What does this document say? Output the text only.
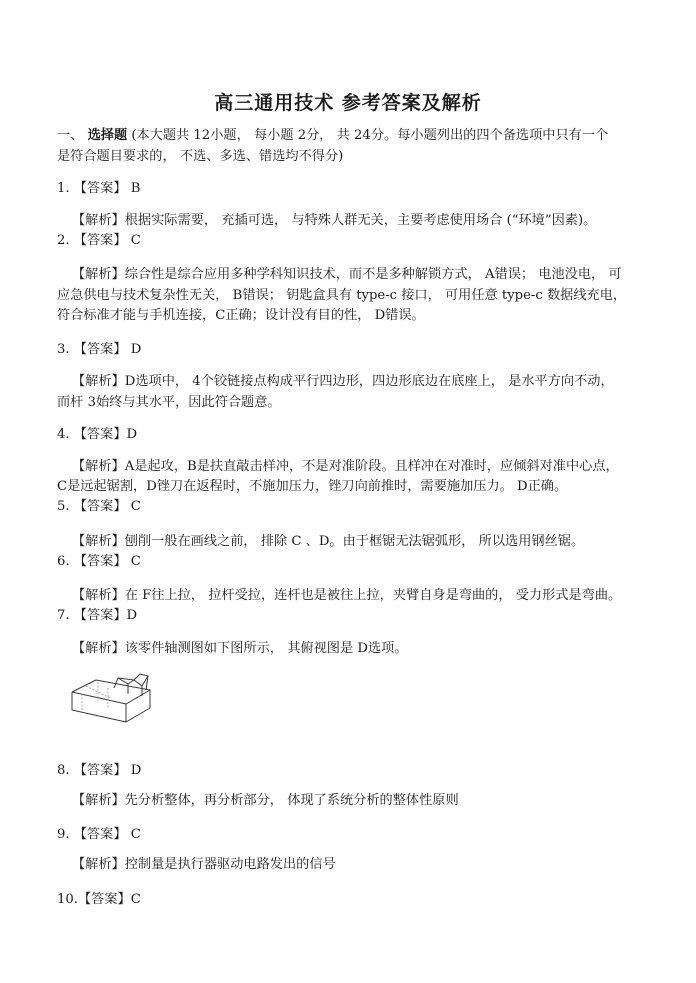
高三通用技术 参考答案及解析
一、 选择题 (本大题共 12小题， 每小题 2分， 共 24分。每小题列出的四个备选项中只有一个
是符合题目要求的， 不选、多选、错选均不得分)
1. 【答案】 B
【解析】根据实际需要， 充插可选， 与特殊人群无关，主要考虑使用场合 (“环境”因素)。
2. 【答案】 C
【解析】综合性是综合应用多种学科知识技术，而不是多种解锁方式， A错误； 电池没电， 可
应急供电与技术复杂性无关， B错误； 钥匙盒具有 type-c 接口， 可用任意 type-c 数据线充电，
符合标准才能与手机连接，C正确；设计没有目的性， D错误。
3. 【答案】 D
【解析】D选项中， 4个铰链接点构成平行四边形，四边形底边在底座上， 是水平方向不动，
而杆 3始终与其水平，因此符合题意。
4. 【答案】D
【解析】A是起攻，B是扶直敲击样冲，不是对准阶段。且样冲在对准时，应倾斜对准中心点，
C是远起锯割，D锉刀在返程时，不施加压力，锉刀向前推时，需要施加压力。 D正确。
5. 【答案】 C
【解析】刨削一般在画线之前， 排除 C 、D。由于框锯无法锯弧形， 所以选用钢丝锯。
6. 【答案】 C
【解析】在 F往上拉， 拉杆受拉，连杆也是被往上拉，夹臂自身是弯曲的， 受力形式是弯曲。
7. 【答案】D
【解析】该零件轴测图如下图所示， 其俯视图是 D选项。
8. 【答案】 D
【解析】先分析整体，再分析部分， 体现了系统分析的整体性原则
9. 【答案】 C
【解析】控制量是执行器驱动电路发出的信号
10.【答案】C
